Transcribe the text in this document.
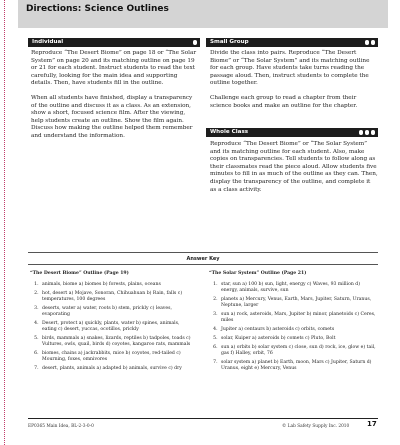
Directions: Science Outlines
Individual

Reproduce “The Desert Biome” on page 18 or “The Solar System” on page 20 and its matching outline on page 19 or 21 for each student. Instruct students to read the text carefully, looking for the main idea and supporting details. Then, have students fill in the outline.

When all students have finished, display a transparency of the outline and discuss it as a class. As an extension, show a short, focused science film. After the viewing, help students create an outline. Show the film again. Discuss how making the outline helped them remember and understand the information.

Small Group

Divide the class into pairs. Reproduce “The Desert Biome” or “The Solar System” and its matching outline for each group. Have students take turns reading the passage aloud. Then, instruct students to complete the outline together.

Challenge each group to read a chapter from their science books and make an outline for the chapter.

Whole Class

Reproduce “The Desert Biome” or “The Solar System” and its matching outline for each student. Also, make copies on transparencies. Tell students to follow along as their classmates read the piece aloud. Allow students five minutes to fill in as much of the outline as they can. Then, display the transparency of the outline, and complete it as a class activity.

Answer Key
“The Desert Biome” Outline (Page 19)
1. animals, biome a) biomes b) forests, plains, oceans
2. hot, desert a) Mojave, Sonoran, Chihuahuan b) Rain, falls c) temperatures, 100 degrees
3. deserts, water a) water, roots b) stem, prickly c) leaves, evaporating
4. Desert, protect a) quickly, plants, water b) spines, animals, eating c) desert, yuccas, ocotillos, prickly
5. birds, mammals a) snakes, lizards, reptiles b) tadpoles, toads c) Vultures, owls, quail, birds d) coyotes, kangaroo rats, mammals
6. biomes, chains a) jackrabbits, mice b) coyotes, red-tailed c) Mourning, foxes, omnivores
7. desert, plants, animals a) adapted b) animals, survive c) dry
“The Solar System” Outline (Page 21)
1. star, sun a) 100 b) sun, light, energy c) Waves, 93 million d) energy, animals, survive, sun
2. planets a) Mercury, Venus, Earth, Mars, Jupiter, Saturn, Uranus, Neptune, larger
3. sun a) rock, asteroids, Mars, Jupiter b) minor, planetoids c) Ceres, miles
4. Jupiter a) centaurs b) asteroids c) orbits, comets
5. solar, Kuiper a) asteroids b) comets c) Pluto, Bolt
6. sun a) orbits b) solar system c) close, sun d) rock, ice, glow e) tail, gas f) Halley, orbit, 76
7. solar system a) planet b) Earth, moon, Mars c) Jupiter, Saturn d) Uranus, eight e) Mercury, Venus
EP0365 Main Idea, BL-2-3-0-0	© Lab Safety Supply Inc. 2010	17
